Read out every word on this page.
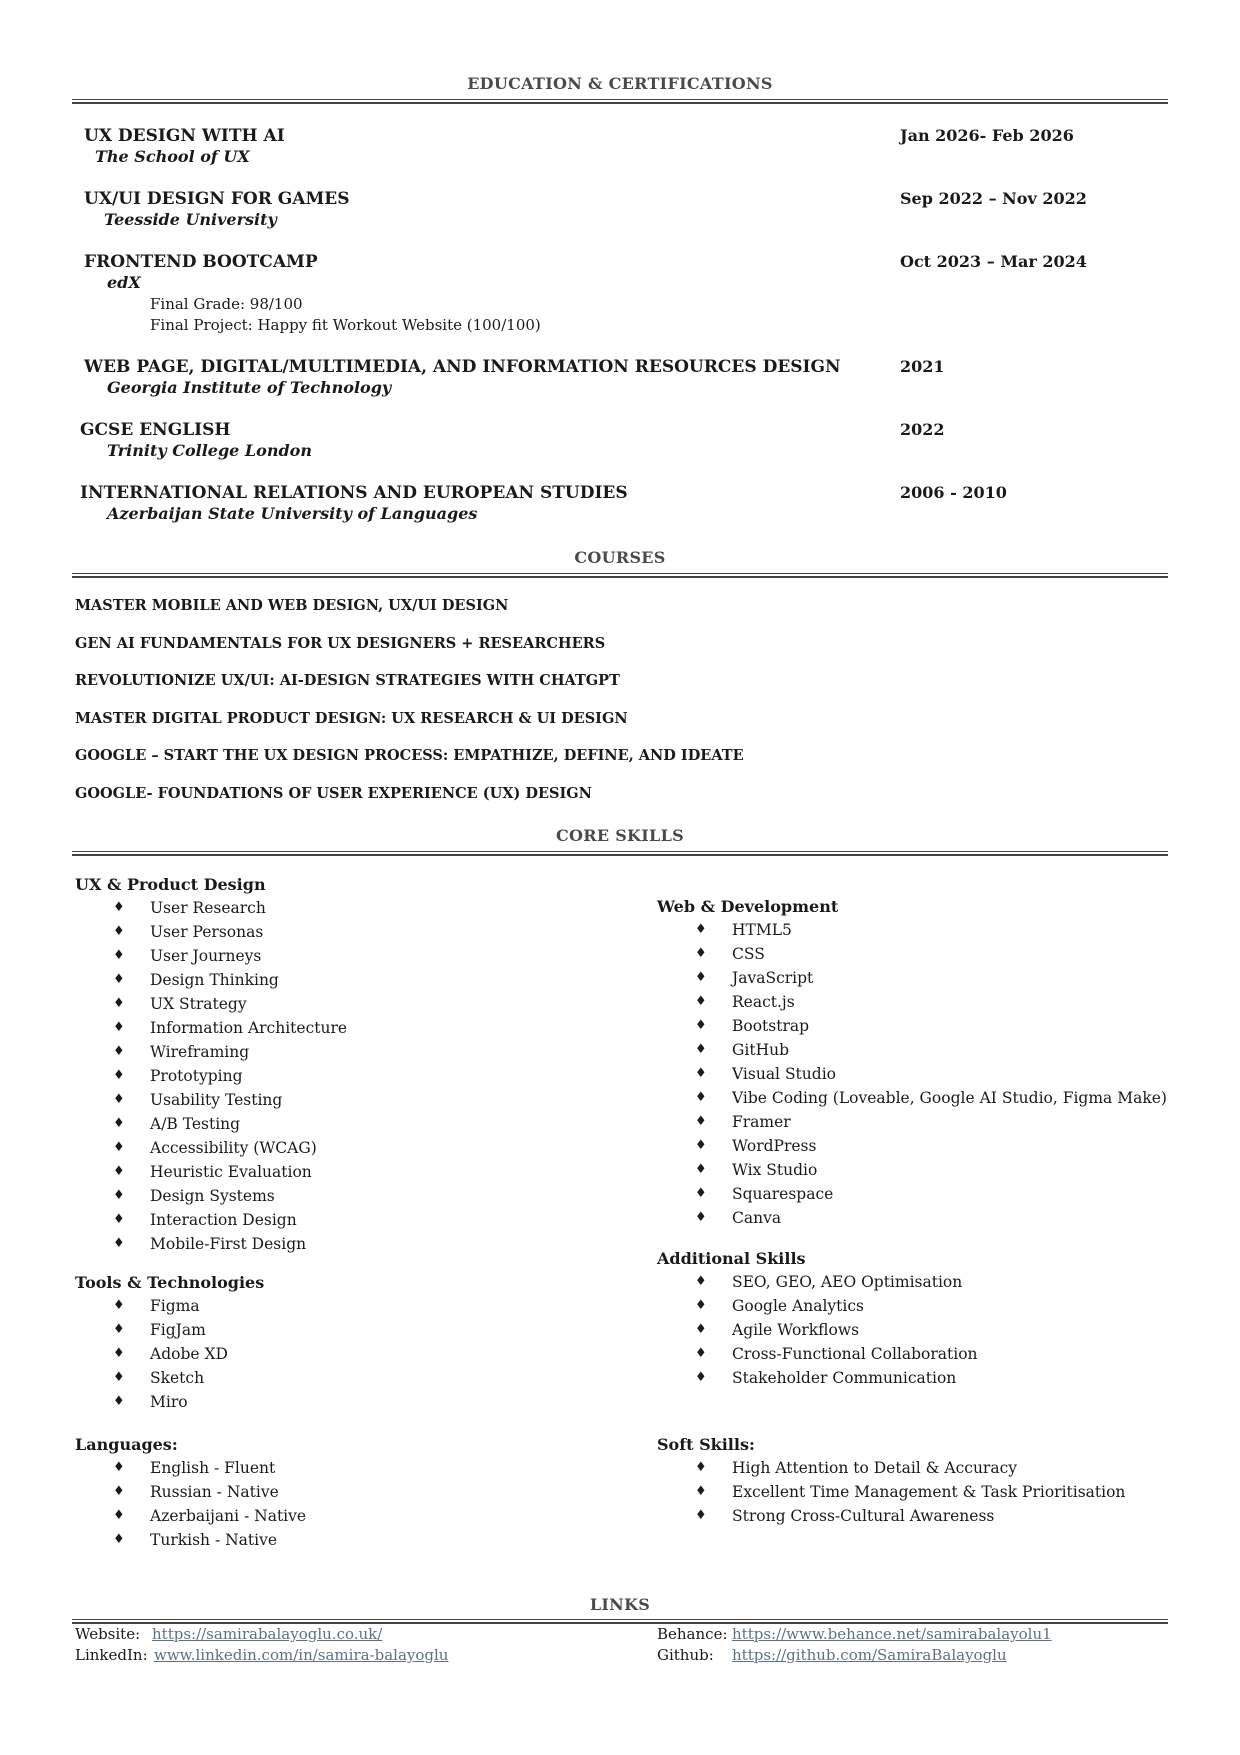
EDUCATION & CERTIFICATIONS
UX DESIGN WITH AI
The School of UX
Jan 2026- Feb 2026
UX/UI DESIGN FOR GAMES
Teesside University
Sep 2022 – Nov 2022
FRONTEND BOOTCAMP
edX
Oct 2023 – Mar 2024
Final Grade: 98/100
Final Project: Happy fit Workout Website (100/100)
WEB PAGE, DIGITAL/MULTIMEDIA, AND INFORMATION RESOURCES DESIGN
Georgia Institute of Technology
2021
GCSE ENGLISH
Trinity College London
2022
INTERNATIONAL RELATIONS AND EUROPEAN STUDIES
Azerbaijan State University of Languages
2006 - 2010
COURSES
MASTER MOBILE AND WEB DESIGN, UX/UI DESIGN
GEN AI FUNDAMENTALS FOR UX DESIGNERS + RESEARCHERS
REVOLUTIONIZE UX/UI: AI-DESIGN STRATEGIES WITH CHATGPT
MASTER DIGITAL PRODUCT DESIGN: UX RESEARCH & UI DESIGN
GOOGLE – START THE UX DESIGN PROCESS: EMPATHIZE, DEFINE, AND IDEATE
GOOGLE- FOUNDATIONS OF USER EXPERIENCE (UX) DESIGN
CORE SKILLS
UX & Product Design
♦ User Research
♦ User Personas
♦ User Journeys
♦ Design Thinking
♦ UX Strategy
♦ Information Architecture
♦ Wireframing
♦ Prototyping
♦ Usability Testing
♦ A/B Testing
♦ Accessibility (WCAG)
♦ Heuristic Evaluation
♦ Design Systems
♦ Interaction Design
♦ Mobile-First Design
Tools & Technologies
♦ Figma
♦ FigJam
♦ Adobe XD
♦ Sketch
♦ Miro
Languages:
♦ English - Fluent
♦ Russian - Native
♦ Azerbaijani - Native
♦ Turkish - Native
Web & Development
♦ HTML5
♦ CSS
♦ JavaScript
♦ React.js
♦ Bootstrap
♦ GitHub
♦ Visual Studio
♦ Vibe Coding (Loveable, Google AI Studio, Figma Make)
♦ Framer
♦ WordPress
♦ Wix Studio
♦ Squarespace
♦ Canva
Additional Skills
♦ SEO, GEO, AEO Optimisation
♦ Google Analytics
♦ Agile Workflows
♦ Cross-Functional Collaboration
♦ Stakeholder Communication
Soft Skills:
♦ High Attention to Detail & Accuracy
♦ Excellent Time Management & Task Prioritisation
♦ Strong Cross-Cultural Awareness
LINKS
Website: https://samirabalayoglu.co.uk/
LinkedIn: www.linkedin.com/in/samira-balayoglu
Behance: https://www.behance.net/samirabalayolu1
Github: https://github.com/SamiraBalayoglu
